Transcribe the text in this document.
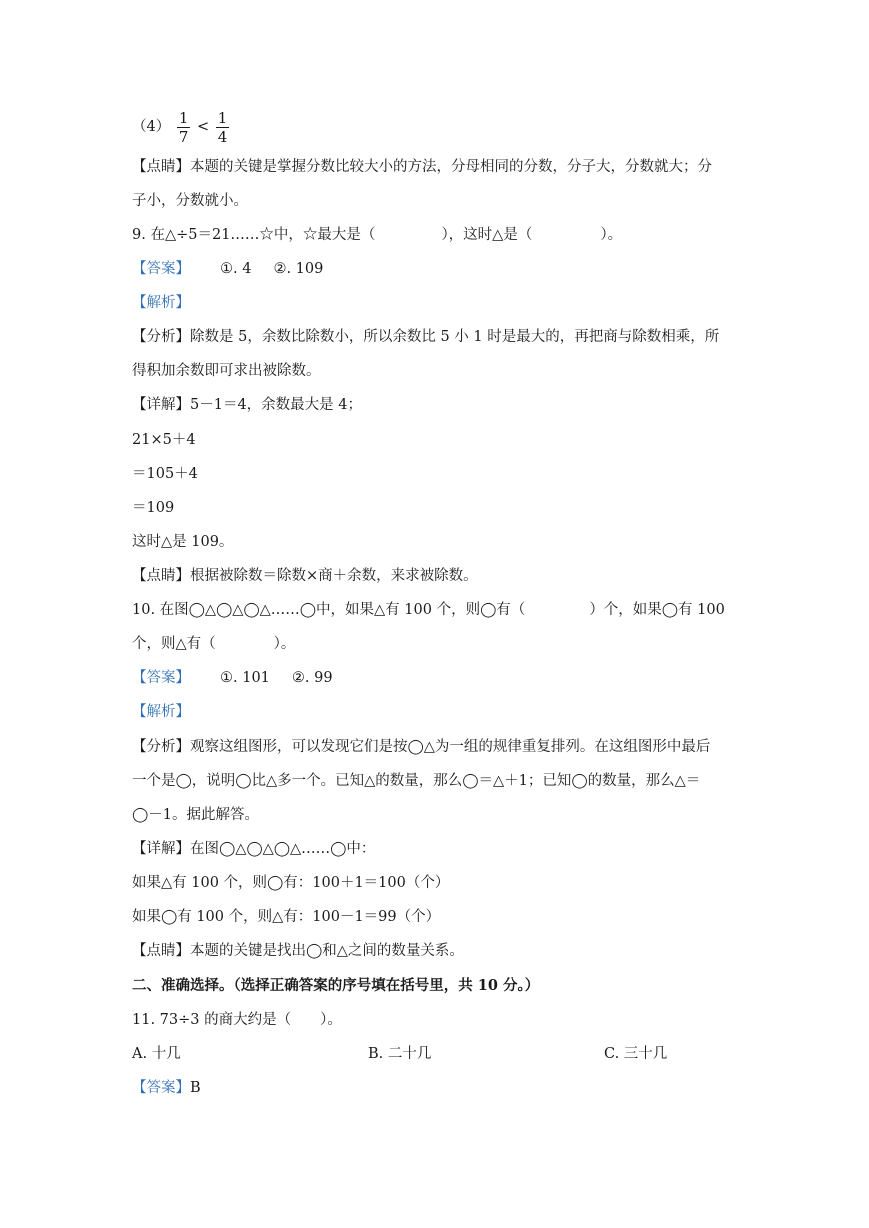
$(4) \frac{1}{7} < \frac{1}{4}$
【点睛】本题的关键是掌握分数比较大小的方法，分母相同的分数，分子大，分数就大；分
子小，分数就小。
9. 在△÷5＝21……☆中，☆最大是（	），这时△是（	）。
【答案】 ①. 4 ②. 109
【解析】
【分析】除数是 5，余数比除数小，所以余数比 5 小 1 时是最大的，再把商与除数相乘，所
得积加余数即可求出被除数。
【详解】5－1＝4，余数最大是 4；
21×5＋4
＝105＋4
＝109
这时△是 109。
【点睛】根据被除数＝除数×商＋余数，来求被除数。
10. 在图◯△◯△◯△……◯中，如果△有 100 个，则◯有（	）个，如果◯有 100
个，则△有（	）。
【答案】 ①. 101 ②. 99
【解析】
【分析】观察这组图形，可以发现它们是按◯△为一组的规律重复排列。在这组图形中最后
一个是◯，说明◯比△多一个。已知△的数量，那么◯＝△＋1；已知◯的数量，那么△＝
◯－1。据此解答。
【详解】在图◯△◯△◯△……◯中：
如果△有 100 个，则◯有：100＋1＝100（个）
如果◯有 100 个，则△有：100－1＝99（个）
【点睛】本题的关键是找出◯和△之间的数量关系。
二、准确选择。（选择正确答案的序号填在括号里，共 10 分。）
11. 73÷3 的商大约是（　　）。
A. 十几	B. 二十几	C. 三十几
【答案】B
